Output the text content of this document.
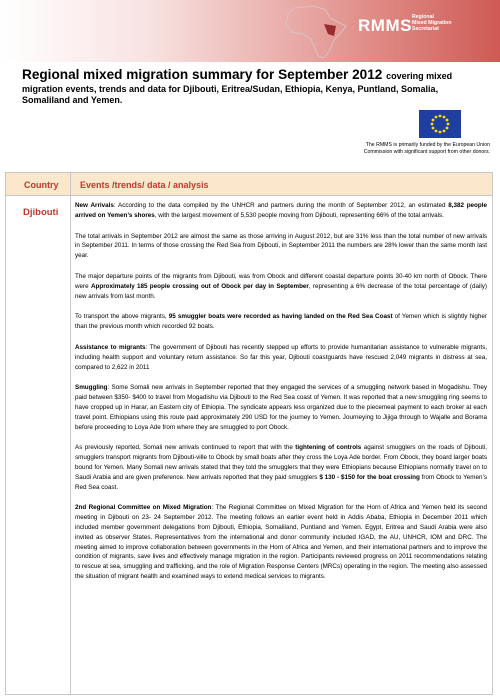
RMMS Regional
Mixed Migration
Secretariat
Regional mixed migration summary for September 2012 covering mixed
migration events, trends and data for Djibouti, Eritrea/Sudan, Ethiopia, Kenya, Puntland, Somalia, Somaliland and Yemen.
The RMMS is primarily funded by the European Union
Commission with significant support from other donors.
Country Events /trends/ data / analysis
Djibouti

New Arrivals: According to the data compiled by the UNHCR and partners during the month of September 2012, an estimated 8,382 people arrived on Yemen’s shores, with the largest movement of 5,530 people moving from Djibouti, representing 66% of the total arrivals.

The total arrivals in September 2012 are almost the same as those arriving in August 2012, but are 31% less than the total number of new arrivals in September 2011. In terms of those crossing the Red Sea from Djibouti, in September 2011 the numbers are 28% lower than the same month last year.

The major departure points of the migrants from Djibouti, was from Obock and different coastal departure points 30-40 km north of Obock. There were Approximately 185 people crossing out of Obock per day in September, representing a 6% decrease of the total percentage of (daily) new arrivals from last month.

To transport the above migrants, 95 smuggler boats were recorded as having landed on the Red Sea Coast of Yemen which is slightly higher than the previous month which recorded 92 boats.

Assistance to migrants: The government of Djibouti has recently stepped up efforts to provide humanitarian assistance to vulnerable migrants, including health support and voluntary return assistance. So far this year, Djibouti coastguards have rescued 2,049 migrants in distress at sea, compared to 2,622 in 2011

Smuggling: Some Somali new arrivals in September reported that they engaged the services of a smuggling network based in Mogadishu. They paid between $350- $400 to travel from Mogadishu via Djibouti to the Red Sea coast of Yemen. It was reported that a new smuggling ring seems to have cropped up in Harar, an Eastern city of Ethiopia. The syndicate appears less organized due to the piecemeal payment to each broker at each travel point. Ethiopians using this route paid approximately 290 USD for the journey to Yemen. Journeying to Jijiga through to Wajalle and Borama before proceeding to Loya Ade from where they are smuggled to port Obock.

As previously reported, Somali new arrivals continued to report that with the tightening of controls against smugglers on the roads of Djibouti, smugglers transport migrants from Djibouti-ville to Obock by small boats after they cross the Loya Ade border. From Obock, they board larger boats bound for Yemen. Many Somali new arrivals stated that they told the smugglers that they were Ethiopians because Ethiopians normally travel on to Saudi Arabia and are given preference. New arrivals reported that they paid smugglers $ 130 - $150 for the boat crossing from Obock to Yemen’s Red Sea coast.

2nd Regional Committee on Mixed Migration: The Regional Committee on Mixed Migration for the Horn of Africa and Yemen held its second meeting in Djibouti on 23- 24 September 2012. The meeting follows an earlier event held in Addis Ababa, Ethiopia in December 2011 which included member government delegations from Djibouti, Ethiopia, Somaliland, Puntland and Yemen. Egypt, Eritrea and Saudi Arabia were also invited as observer States. Representatives from the international and donor community included IGAD, the AU, UNHCR, IOM and DRC. The meeting aimed to improve collaboration between governments in the Horn of Africa and Yemen, and their international partners and to improve the condition of migrants, save lives and effectively manage migration in the region. Participants reviewed progress on 2011 recommendations relating to rescue at sea, smuggling and trafficking, and the role of Migration Response Centers (MRCs) operating in the region. The meeting also assessed the situation of migrant health and examined ways to extend medical services to migrants.
